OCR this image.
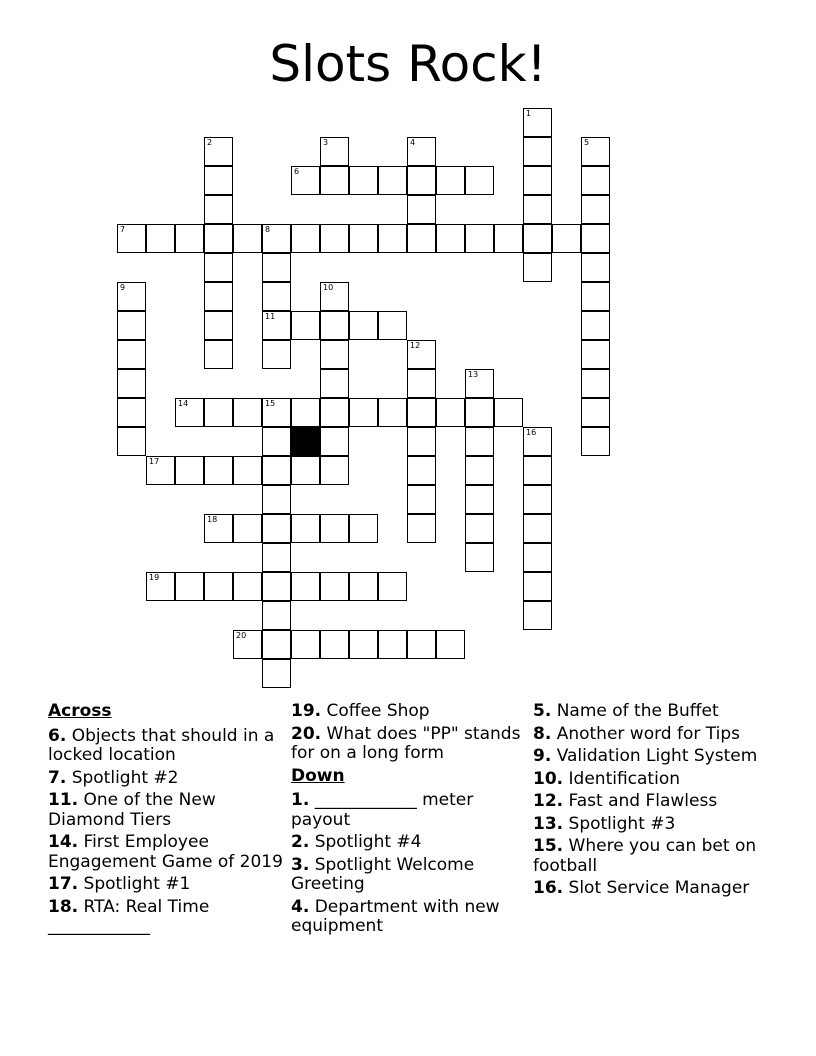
Slots Rock!
6
7	8
11
14	15
17
18
19
20
1
2	3	4	5
9	10
12
13
16
Across
6. Objects that should in a locked location
7. Spotlight #2
11. One of the New Diamond Tiers
14. First Employee Engagement Game of 2019
17. Spotlight #1
18. RTA: Real Time ____________
19. Coffee Shop
20. What does "PP" stands for on a long form
Down
1. ____________ meter payout
2. Spotlight #4
3. Spotlight Welcome Greeting
4. Department with new equipment
5. Name of the Buffet
8. Another word for Tips
9. Validation Light System
10. Identification
12. Fast and Flawless
13. Spotlight #3
15. Where you can bet on football
16. Slot Service Manager
